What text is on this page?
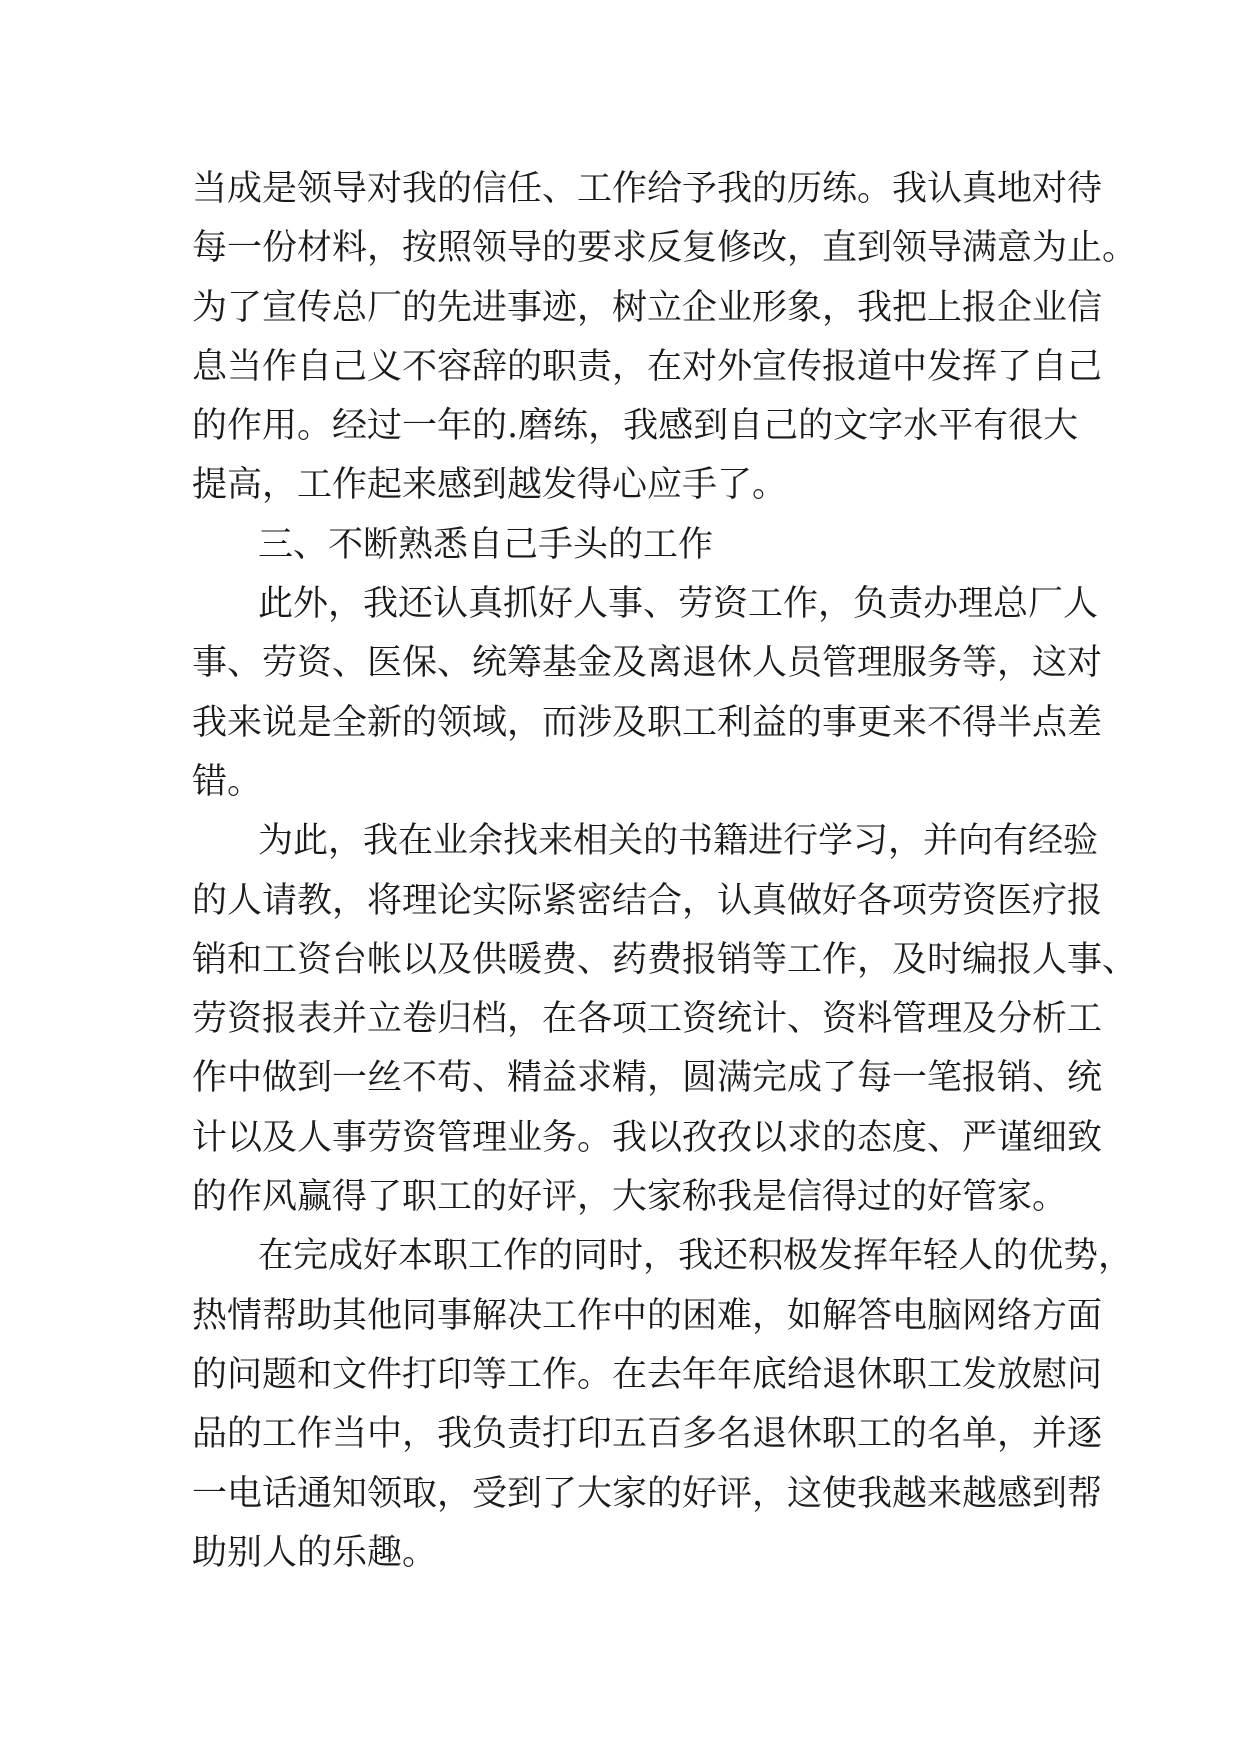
当成是领导对我的信任、工作给予我的历练。我认真地对待
每一份材料，按照领导的要求反复修改，直到领导满意为止。
为了宣传总厂的先进事迹，树立企业形象，我把上报企业信
息当作自己义不容辞的职责，在对外宣传报道中发挥了自己
的作用。经过一年的.磨练，我感到自己的文字水平有很大
提高，工作起来感到越发得心应手了。
三、不断熟悉自己手头的工作
此外，我还认真抓好人事、劳资工作，负责办理总厂人
事、劳资、医保、统筹基金及离退休人员管理服务等，这对
我来说是全新的领域，而涉及职工利益的事更来不得半点差
错。
为此，我在业余找来相关的书籍进行学习，并向有经验
的人请教，将理论实际紧密结合，认真做好各项劳资医疗报
销和工资台帐以及供暖费、药费报销等工作，及时编报人事、
劳资报表并立卷归档，在各项工资统计、资料管理及分析工
作中做到一丝不苟、精益求精，圆满完成了每一笔报销、统
计以及人事劳资管理业务。我以孜孜以求的态度、严谨细致
的作风赢得了职工的好评，大家称我是信得过的好管家。
在完成好本职工作的同时，我还积极发挥年轻人的优势，
热情帮助其他同事解决工作中的困难，如解答电脑网络方面
的问题和文件打印等工作。在去年年底给退休职工发放慰问
品的工作当中，我负责打印五百多名退休职工的名单，并逐
一电话通知领取，受到了大家的好评，这使我越来越感到帮
助别人的乐趣。
